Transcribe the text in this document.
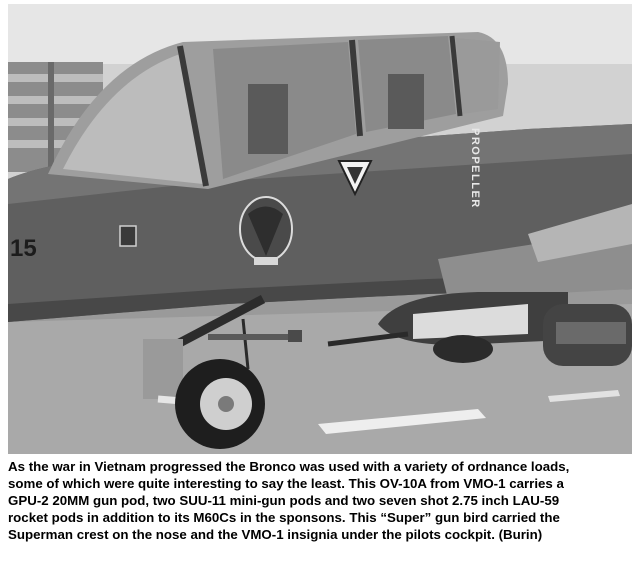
15
PROPELLER
As the war in Vietnam progressed the Bronco was used with a variety of ordnance loads,
some of which were quite interesting to say the least. This OV-10A from VMO-1 carries a
GPU-2 20MM gun pod, two SUU-11 mini-gun pods and two seven shot 2.75 inch LAU-59
rocket pods in addition to its M60Cs in the sponsons. This “Super” gun bird carried the
Superman crest on the nose and the VMO-1 insignia under the pilots cockpit. (Burin)
